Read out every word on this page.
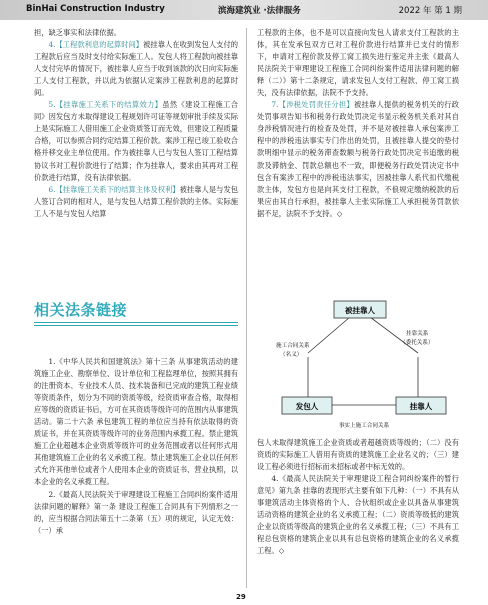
BinHai Construction Industry	滨海建筑业 ·法律服务	2022 年 第 1 期

担，缺乏事实和法律依据。

4.【工程款利息的起算时间】被挂靠人在收到发包人支付的工程款后应当及时支付给实际施工人。发包人将工程款向被挂靠人支付完毕的情况下，被挂靠人应当于收到该款的次日向实际施工人支付工程款，并以此为依据认定案涉工程款利息的起算时间。

5.【挂靠施工关系下的结算效力】虽然《建设工程施工合同》因发包方未取得建设工程规划许可证等规划审批手续及实际上是实际施工人借用施工企业资质签订而无效，但建设工程质量合格，可以参照合同约定结算工程价款。案涉工程已竣工验收合格并移交业主单位使用。作为被挂靠人已与发包人签订工程结算协议书对工程价款进行了结算；作为挂靠人，要求由其再对工程价款进行结算，没有法律依据。

6.【挂靠施工关系下的结算主体及权利】被挂靠人是与发包人签订合同的相对人，是与发包人结算工程价款的主体。实际施工人不是与发包人结算

相关法条链接

1.《中华人民共和国建筑法》第十三条 从事建筑活动的建筑施工企业、勘察单位、设计单位和工程监理单位，按照其拥有的注册资本、专业技术人员、技术装备和已完成的建筑工程业绩等资质条件，划分为不同的资质等级，经资质审查合格，取得相应等级的资质证书后，方可在其资质等级许可的范围内从事建筑活动。第二十六条 承包建筑工程的单位应当持有依法取得的资质证书，并在其资质等级许可的业务范围内承揽工程。禁止建筑施工企业超越本企业资质等级许可的业务范围或者以任何形式用其他建筑施工企业的名义承揽工程。禁止建筑施工企业以任何形式允许其他单位或者个人使用本企业的资质证书、营业执照，以本企业的名义承揽工程。

2.《最高人民法院关于审理建设工程施工合同纠纷案件适用法律问题的解释》第一条 建设工程施工合同具有下列情形之一的，应当根据合同法第五十二条第（五）项的规定，认定无效：（一）承

工程款的主体，也不是可以直接向发包人请求支付工程款的主体，其在发承包双方已对工程价款进行结算并已支付的情形下，申请对工程价款及停工窝工损失进行鉴定并主张《最高人民法院关于审理建设工程施工合同纠纷案件适用法律问题的解释（二）》第十二条规定，请求发包人支付工程款、停工窝工损失，没有法律依据，法院不予支持。

7.【涉税处罚责任分担】被挂靠人提供的税务机关的行政处罚事项告知书和税务行政处罚决定书显示税务机关系对其自身涉税情况进行的检查及处罚，并不是对被挂靠人承包案涉工程中的涉税违法事实专门作出的处罚，且被挂靠人提交的垫付款明细中显示的税务滞查数额与税务行政处罚决定书追缴的税款及滞纳金、罚款总额也不一致，即便税务行政处罚决定书中包含有案涉工程中的涉税违法事实，因被挂靠人系代扣代缴税款主体，发包方也是向其支付工程款，不俍规定缴纳税款的后果应由其自行承担，被挂靠人主张实际施工人承担税务罚款依据不足，法院不予支持。◇

被挂靠人
发包人	挂靠人
施工合同关系
（名义）
挂靠关系
（委托关系）
事实上施工合同关系

包人未取得建筑施工企业资质或者超越资质等级的；（二）没有资质的实际施工人借用有资质的建筑施工企业名义的；（三）建设工程必须进行招标而未招标或者中标无效的。

4.《最高人民法院关于审理建设工程合同纠纷案件的暂行意见》第九条 挂靠的表现形式主要有如下几种：（一）不具有从事建筑活动主体资格的个人、合伙组织或企业以具备从事建筑活动资格的建筑企业的名义承揽工程；（二）资质等级低的建筑企业以资质等级高的建筑企业的名义承揽工程；（三）不具有工程总包资格的建筑企业以具有总包资格的建筑企业的名义承揽工程。◇

29
